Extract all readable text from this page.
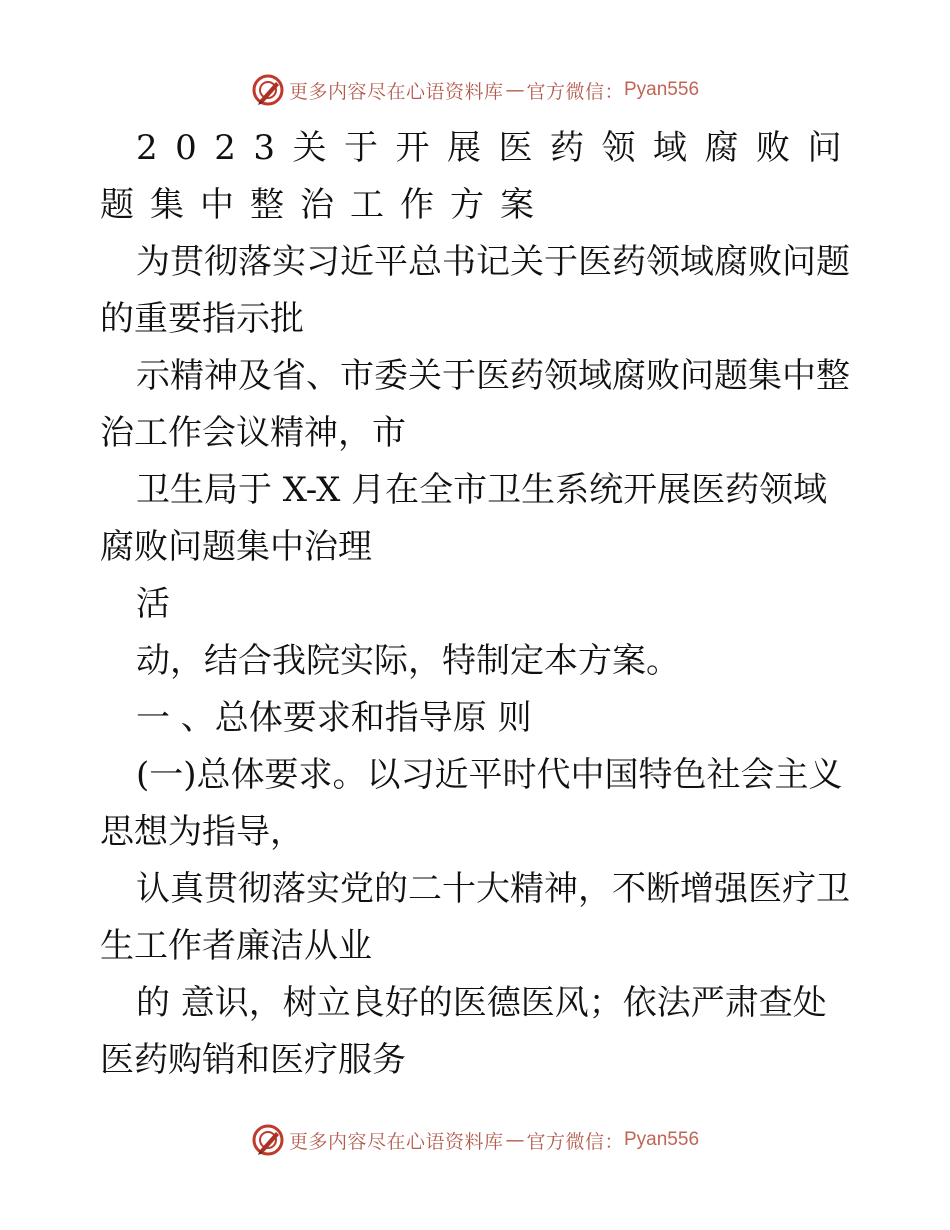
更多内容尽在心语资料库 — 官方微信： Pyan556
2023关于开展医药领域腐败问
题集中整治工作方案
为贯彻落实习近平总书记关于医药领域腐败问题
的重要指示批
示精神及省、市委关于医药领域腐败问题集中整
治工作会议精神，市
卫生局于 X-X 月在全市卫生系统开展医药领域
腐败问题集中治理
活
动，结合我院实际，特制定本方案。
一 、总体要求和指导原 则
(一)总体要求。以习近平时代中国特色社会主义
思想为指导，
认真贯彻落实党的二十大精神，不断增强医疗卫
生工作者廉洁从业
的 意识，树立良好的医德医风；依法严肃查处
医药购销和医疗服务
更多内容尽在心语资料库 — 官方微信： Pyan556
